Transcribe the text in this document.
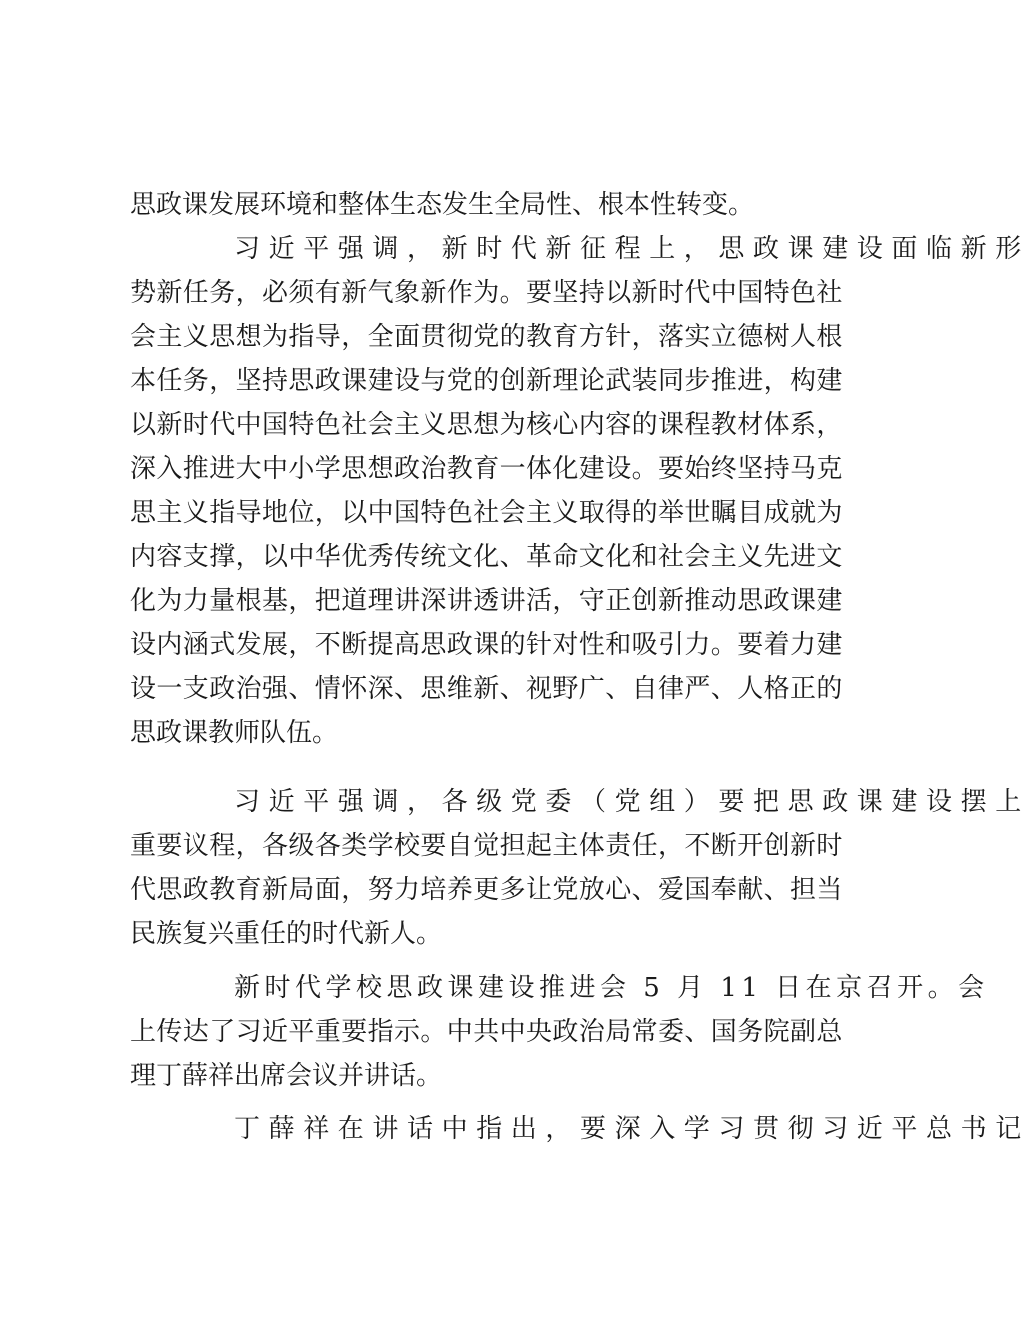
思政课发展环境和整体生态发生全局性、根本性转变。
习近平强调，新时代新征程上，思政课建设面临新形
势新任务，必须有新气象新作为。要坚持以新时代中国特色社
会主义思想为指导，全面贯彻党的教育方针，落实立德树人根
本任务，坚持思政课建设与党的创新理论武装同步推进，构建
以新时代中国特色社会主义思想为核心内容的课程教材体系，
深入推进大中小学思想政治教育一体化建设。要始终坚持马克
思主义指导地位，以中国特色社会主义取得的举世瞩目成就为
内容支撑，以中华优秀传统文化、革命文化和社会主义先进文
化为力量根基，把道理讲深讲透讲活，守正创新推动思政课建
设内涵式发展，不断提高思政课的针对性和吸引力。要着力建
设一支政治强、情怀深、思维新、视野广、自律严、人格正的
思政课教师队伍。
习近平强调，各级党委（党组）要把思政课建设摆上
重要议程，各级各类学校要自觉担起主体责任，不断开创新时
代思政教育新局面，努力培养更多让党放心、爱国奉献、担当
民族复兴重任的时代新人。
新时代学校思政课建设推进会 5 月 11 日在京召开。会
上传达了习近平重要指示。中共中央政治局常委、国务院副总
理丁薛祥出席会议并讲话。
丁薛祥在讲话中指出，要深入学习贯彻习近平总书记
